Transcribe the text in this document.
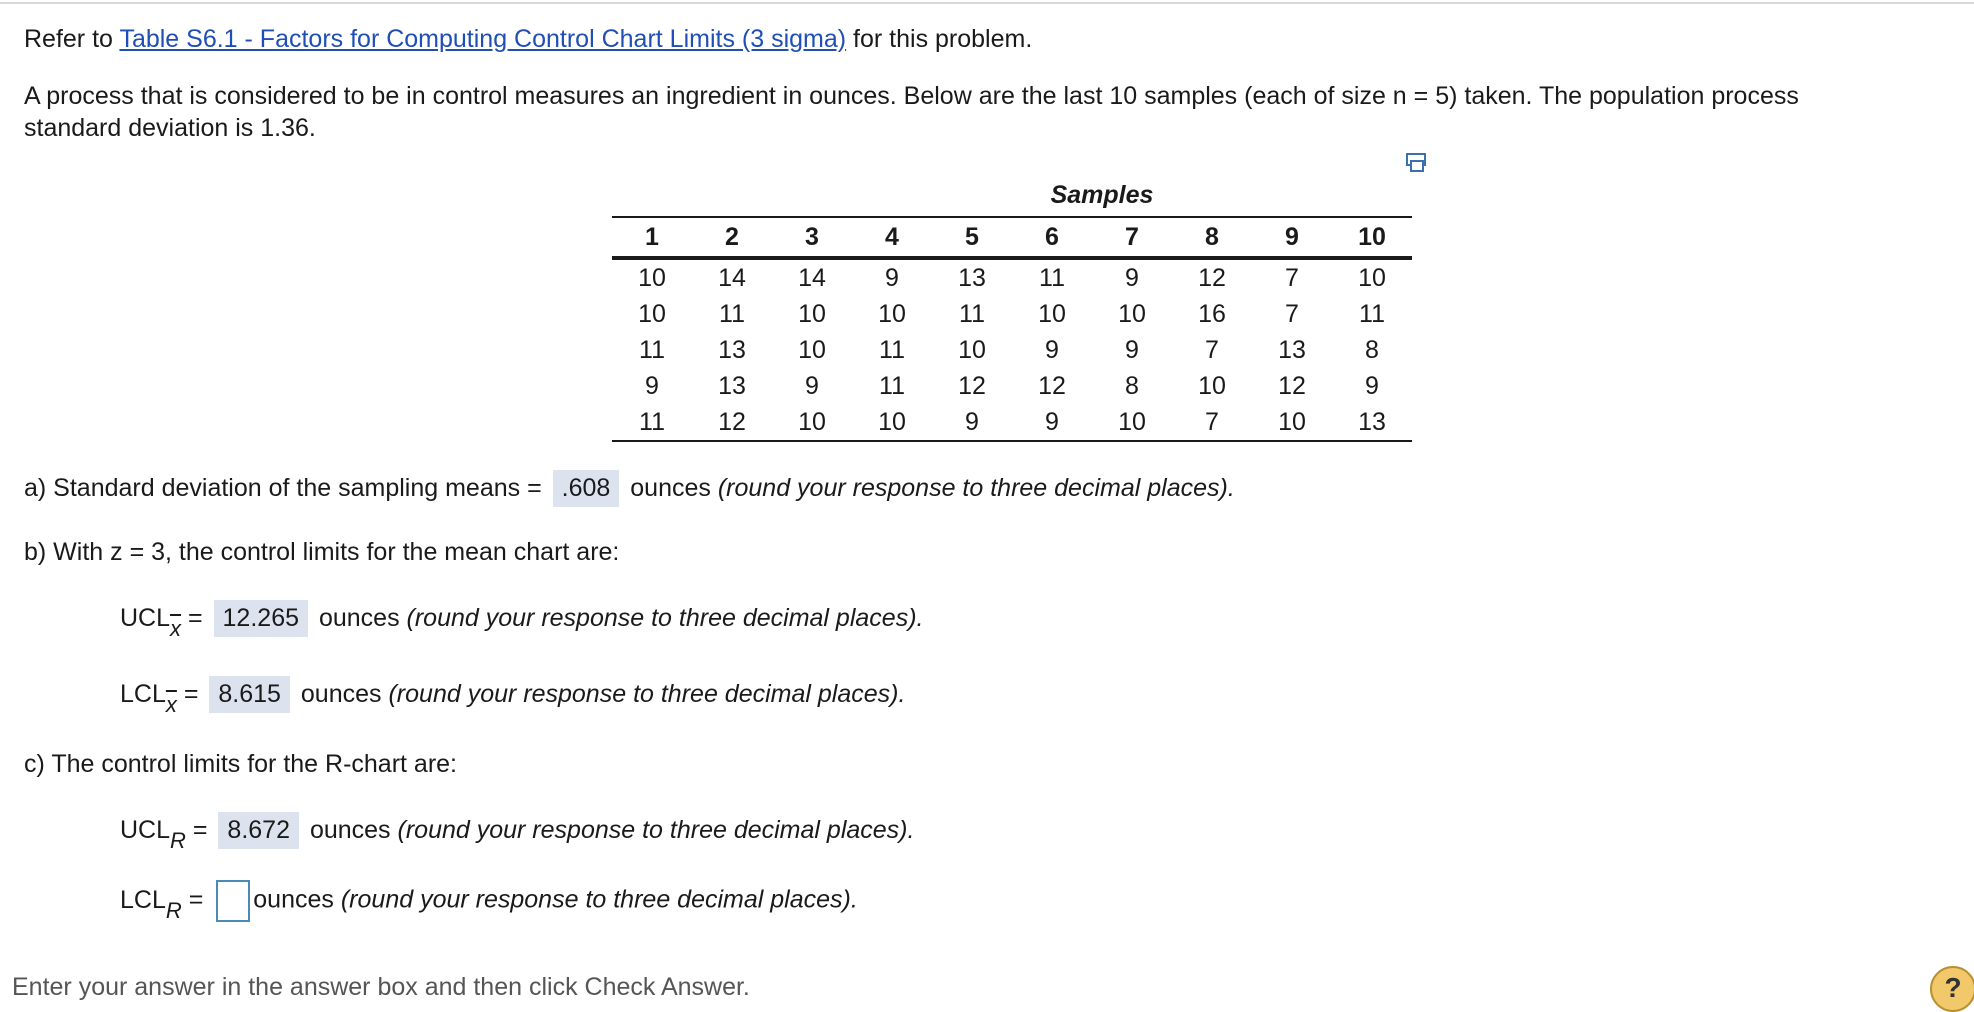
Refer to Table S6.1 - Factors for Computing Control Chart Limits (3 sigma) for this problem.
A process that is considered to be in control measures an ingredient in ounces. Below are the last 10 samples (each of size n = 5) taken. The population process
standard deviation is 1.36.
Samples
1	2	3	4	5	6	7	8	9	10
10	14	14	9	13	11	9	12	7	10
10	11	10	10	11	10	10	16	7	11
11	13	10	11	10	9	9	7	13	8
9	13	9	11	12	12	8	10	12	9
11	12	10	10	9	9	10	7	10	13
a) Standard deviation of the sampling means = .608 ounces (round your response to three decimal places).
b) With z = 3, the control limits for the mean chart are:
$UCL\overline{x} = 12.265$ ounces (round your response to three decimal places).
$LCL\overline{x} = 8.615$ ounces (round your response to three decimal places).
c) The control limits for the R-chart are:
UCLR = 8.672 ounces (round your response to three decimal places).
LCLR = ounces (round your response to three decimal places).
Enter your answer in the answer box and then click Check Answer.	?
